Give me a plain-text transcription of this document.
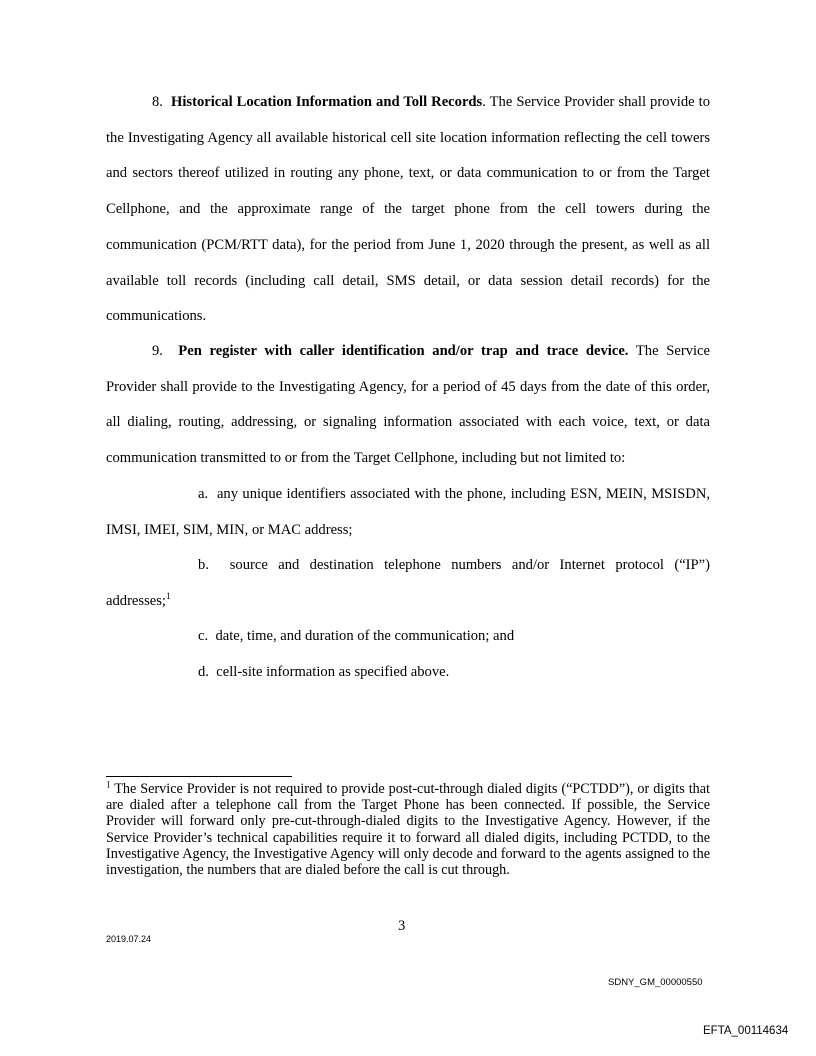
8. Historical Location Information and Toll Records. The Service Provider shall provide to the Investigating Agency all available historical cell site location information reflecting the cell towers and sectors thereof utilized in routing any phone, text, or data communication to or from the Target Cellphone, and the approximate range of the target phone from the cell towers during the communication (PCM/RTT data), for the period from June 1, 2020 through the present, as well as all available toll records (including call detail, SMS detail, or data session detail records) for the communications.

9. Pen register with caller identification and/or trap and trace device. The Service Provider shall provide to the Investigating Agency, for a period of 45 days from the date of this order, all dialing, routing, addressing, or signaling information associated with each voice, text, or data communication transmitted to or from the Target Cellphone, including but not limited to:

a. any unique identifiers associated with the phone, including ESN, MEIN, MSISDN, IMSI, IMEI, SIM, MIN, or MAC address;

b. source and destination telephone numbers and/or Internet protocol (“IP”) addresses;$^1$

c. date, time, and duration of the communication; and

d. cell-site information as specified above.

$^1$ The Service Provider is not required to provide post-cut-through dialed digits (“PCTDD”), or digits that are dialed after a telephone call from the Target Phone has been connected. If possible, the Service Provider will forward only pre-cut-through-dialed digits to the Investigative Agency. However, if the Service Provider’s technical capabilities require it to forward all dialed digits, including PCTDD, to the Investigative Agency, the Investigative Agency will only decode and forward to the agents assigned to the investigation, the numbers that are dialed before the call is cut through.

3
2019.07.24
SDNY_GM_00000550
EFTA_00114634
